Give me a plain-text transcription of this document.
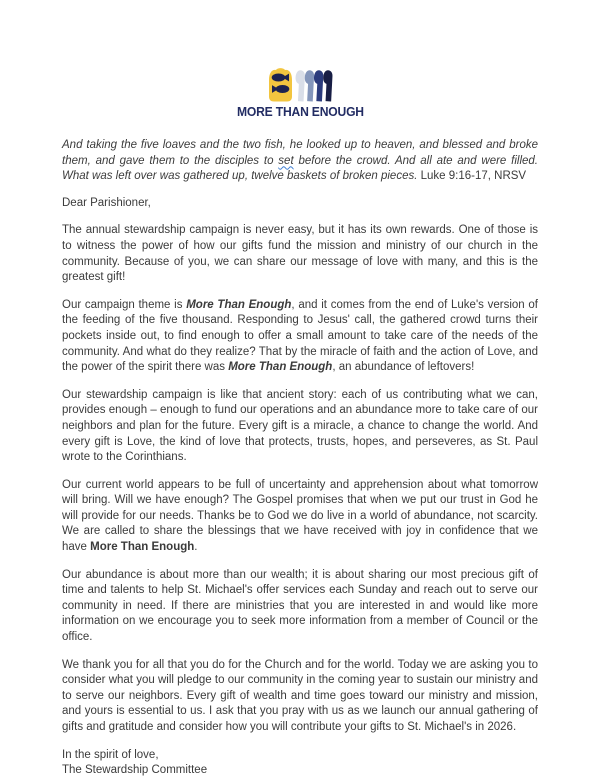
MORE THAN ENOUGH

And taking the five loaves and the two fish, he looked up to heaven, and blessed and broke them, and gave them to the disciples to set before the crowd. And all ate and were filled. What was left over was gathered up, twelve baskets of broken pieces. Luke 9:16-17, NRSV

Dear Parishioner,

The annual stewardship campaign is never easy, but it has its own rewards. One of those is to witness the power of how our gifts fund the mission and ministry of our church in the community. Because of you, we can share our message of love with many, and this is the greatest gift!

Our campaign theme is More Than Enough, and it comes from the end of Luke's version of the feeding of the five thousand. Responding to Jesus' call, the gathered crowd turns their pockets inside out, to find enough to offer a small amount to take care of the needs of the community. And what do they realize? That by the miracle of faith and the action of Love, and the power of the spirit there was More Than Enough, an abundance of leftovers!

Our stewardship campaign is like that ancient story: each of us contributing what we can, provides enough – enough to fund our operations and an abundance more to take care of our neighbors and plan for the future. Every gift is a miracle, a chance to change the world. And every gift is Love, the kind of love that protects, trusts, hopes, and perseveres, as St. Paul wrote to the Corinthians.

Our current world appears to be full of uncertainty and apprehension about what tomorrow will bring. Will we have enough? The Gospel promises that when we put our trust in God he will provide for our needs. Thanks be to God we do live in a world of abundance, not scarcity. We are called to share the blessings that we have received with joy in confidence that we have More Than Enough.

Our abundance is about more than our wealth; it is about sharing our most precious gift of time and talents to help St. Michael's offer services each Sunday and reach out to serve our community in need. If there are ministries that you are interested in and would like more information on we encourage you to seek more information from a member of Council or the office.

We thank you for all that you do for the Church and for the world. Today we are asking you to consider what you will pledge to our community in the coming year to sustain our ministry and to serve our neighbors. Every gift of wealth and time goes toward our ministry and mission, and yours is essential to us. I ask that you pray with us as we launch our annual gathering of gifts and gratitude and consider how you will contribute your gifts to St. Michael's in 2026.

In the spirit of love,
The Stewardship Committee
